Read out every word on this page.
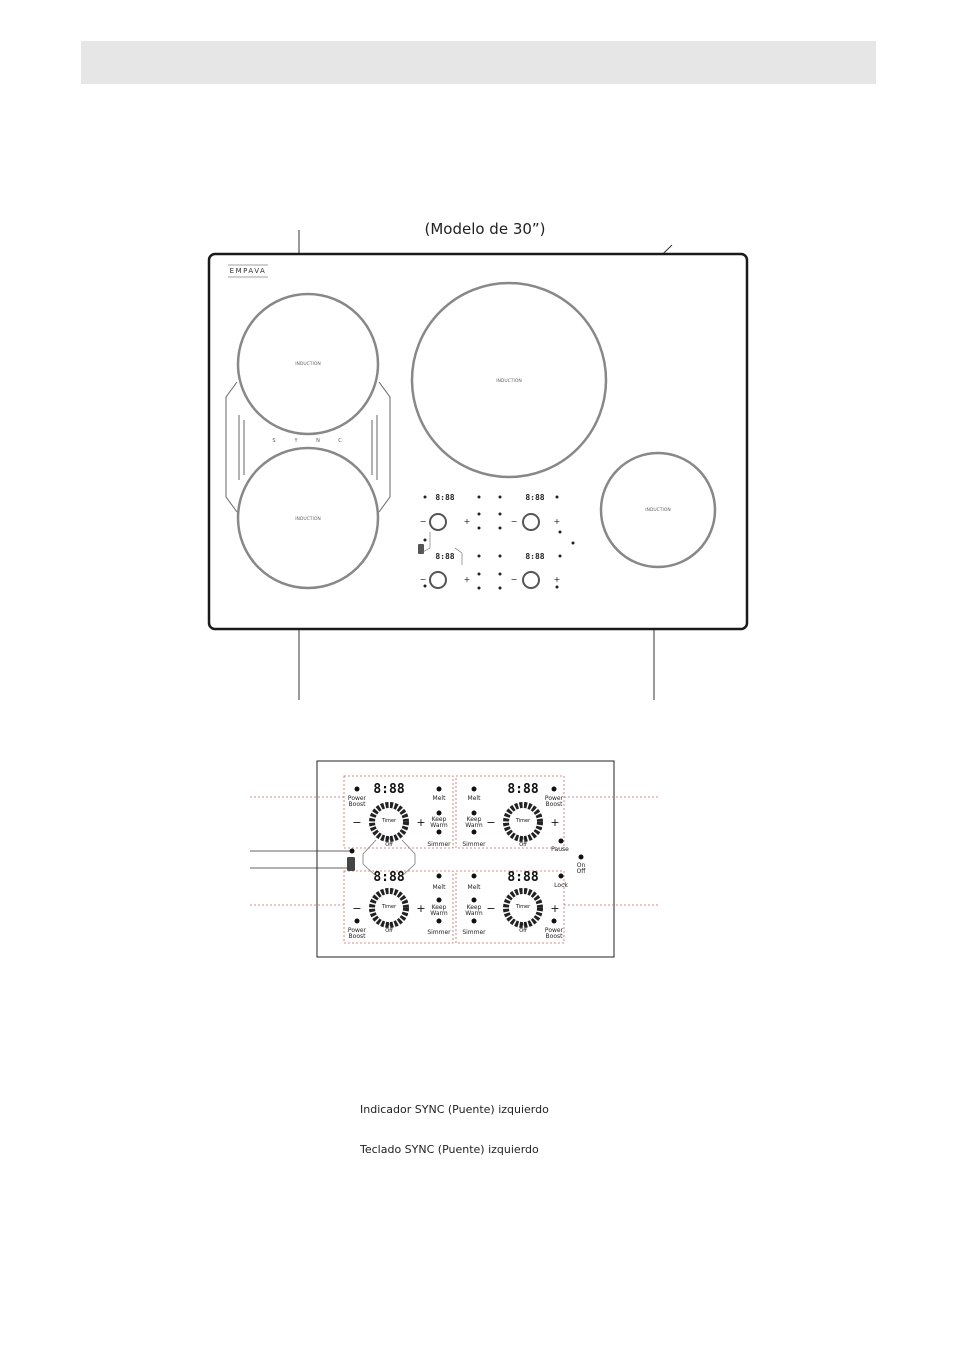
(Modelo de 30”)
EMPAVA
S	Y	N	C
INDUCTION
INDUCTION
INDUCTION
INDUCTION
8:88	8:88
8:88	8:88
+
−	+
−
+
−	+
−
Timer	Timer
Timer	Timer
On
Off
On
Off
On
Off
On
Off
8:88	8:88
8:88	8:88
−	+	−	+
−	+	−	+
Power
Boost
Melt
Keep
Warm
Simmer
Melt
Keep
Warm
Simmer
Power
Boost
Pause
On
Off
Melt
Keep
Warm
Simmer
Melt
Keep
Warm
Simmer
Lock
Power
Boost
Power
Boost
Indicador SYNC (Puente) izquierdo
Teclado SYNC (Puente) izquierdo
